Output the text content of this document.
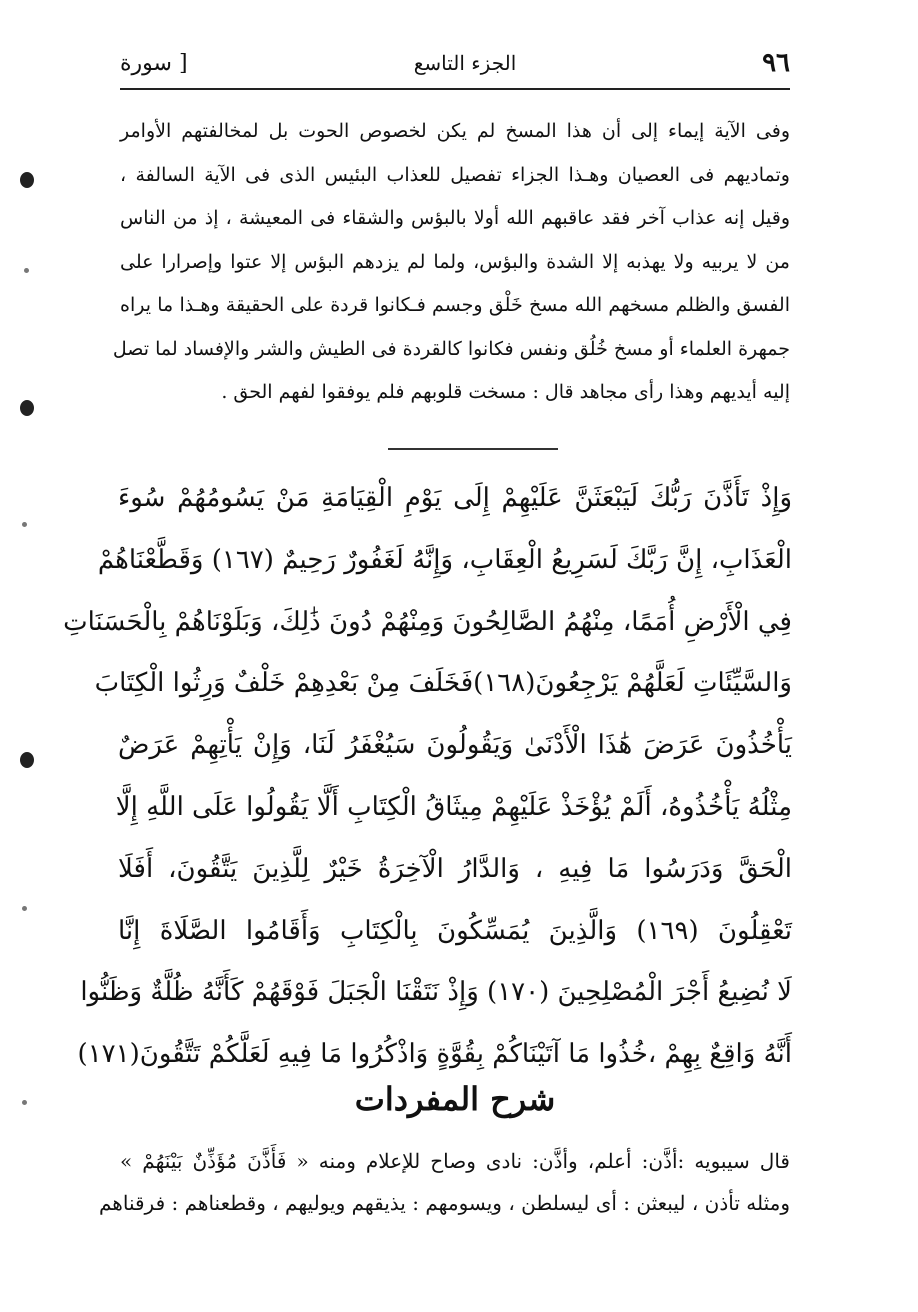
٩٦
الجزء التاسع
[ سورة
وفى الآية إيماء إلى أن هذا المسخ لم يكن لخصوص الحوت بل لمخالفتهم الأوامر
وتماديهم فى العصيان وهـذا الجزاء تفصيل للعذاب البئيس الذى فى الآية السالفة ،
وقيل إنه عذاب آخر فقد عاقبهم الله أولا بالبؤس والشقاء فى المعيشة ، إذ من الناس
من لا يربيه ولا يهذبه إلا الشدة والبؤس، ولما لم يزدهم البؤس إلا عتوا وإصرارا على
الفسق والظلم مسخهم الله مسخ خَلْق وجسم فـكانوا قردة على الحقيقة وهـذا ما يراه
جمهرة العلماء أو مسخ خُلُق ونفس فكانوا كالقردة فى الطيش والشر والإفساد لما تصل
إليه أيديهم وهذا رأى مجاهد قال : مسخت قلوبهم فلم يوفقوا لفهم الحق .
وَإِذْ تَأَذَّنَ رَبُّكَ لَيَبْعَثَنَّ عَلَيْهِمْ إِلَى يَوْمِ الْقِيَامَةِ مَنْ يَسُومُهُمْ سُوءَ
الْعَذَابِ، إِنَّ رَبَّكَ لَسَرِيعُ الْعِقَابِ، وَإِنَّهُ لَغَفُورٌ رَحِيمٌ (١٦٧) وَقَطَّعْنَاهُمْ
فِي الْأَرْضِ أُمَمًا، مِنْهُمُ الصَّالِحُونَ وَمِنْهُمْ دُونَ ذَٰلِكَ، وَبَلَوْنَاهُمْ بِالْحَسَنَاتِ
وَالسَّيِّئَاتِ لَعَلَّهُمْ يَرْجِعُونَ(١٦٨)فَخَلَفَ مِنْ بَعْدِهِمْ خَلْفٌ وَرِثُوا الْكِتَابَ
يَأْخُذُونَ عَرَضَ هَٰذَا الْأَدْنَىٰ وَيَقُولُونَ سَيُغْفَرُ لَنَا، وَإِنْ يَأْتِهِمْ عَرَضٌ
مِثْلُهُ يَأْخُذُوهُ، أَلَمْ يُؤْخَذْ عَلَيْهِمْ مِيثَاقُ الْكِتَابِ أَلَّا يَقُولُوا عَلَى اللَّهِ إِلَّا
الْحَقَّ وَدَرَسُوا مَا فِيهِ ، وَالدَّارُ الْآخِرَةُ خَيْرٌ لِلَّذِينَ يَتَّقُونَ، أَفَلَا
تَعْقِلُونَ (١٦٩) وَالَّذِينَ يُمَسِّكُونَ بِالْكِتَابِ وَأَقَامُوا الصَّلَاةَ إِنَّا
لَا نُضِيعُ أَجْرَ الْمُصْلِحِينَ (١٧٠) وَإِذْ نَتَقْنَا الْجَبَلَ فَوْقَهُمْ كَأَنَّهُ ظُلَّةٌ وَظَنُّوا
أَنَّهُ وَاقِعٌ بِهِمْ ،خُذُوا مَا آتَيْنَاكُمْ بِقُوَّةٍ وَاذْكُرُوا مَا فِيهِ لَعَلَّكُمْ تَتَّقُونَ(١٧١)
شرح المفردات
قال سيبويه :أذَّن: أعلم، وأذَّن: نادى وصاح للإعلام ومنه « فَأَذَّنَ مُؤَذِّنٌ بَيْنَهُمْ »
ومثله تأذن ، ليبعثن : أى ليسلطن ، ويسومهم : يذيقهم ويوليهم ، وقطعناهم : فرقناهم
